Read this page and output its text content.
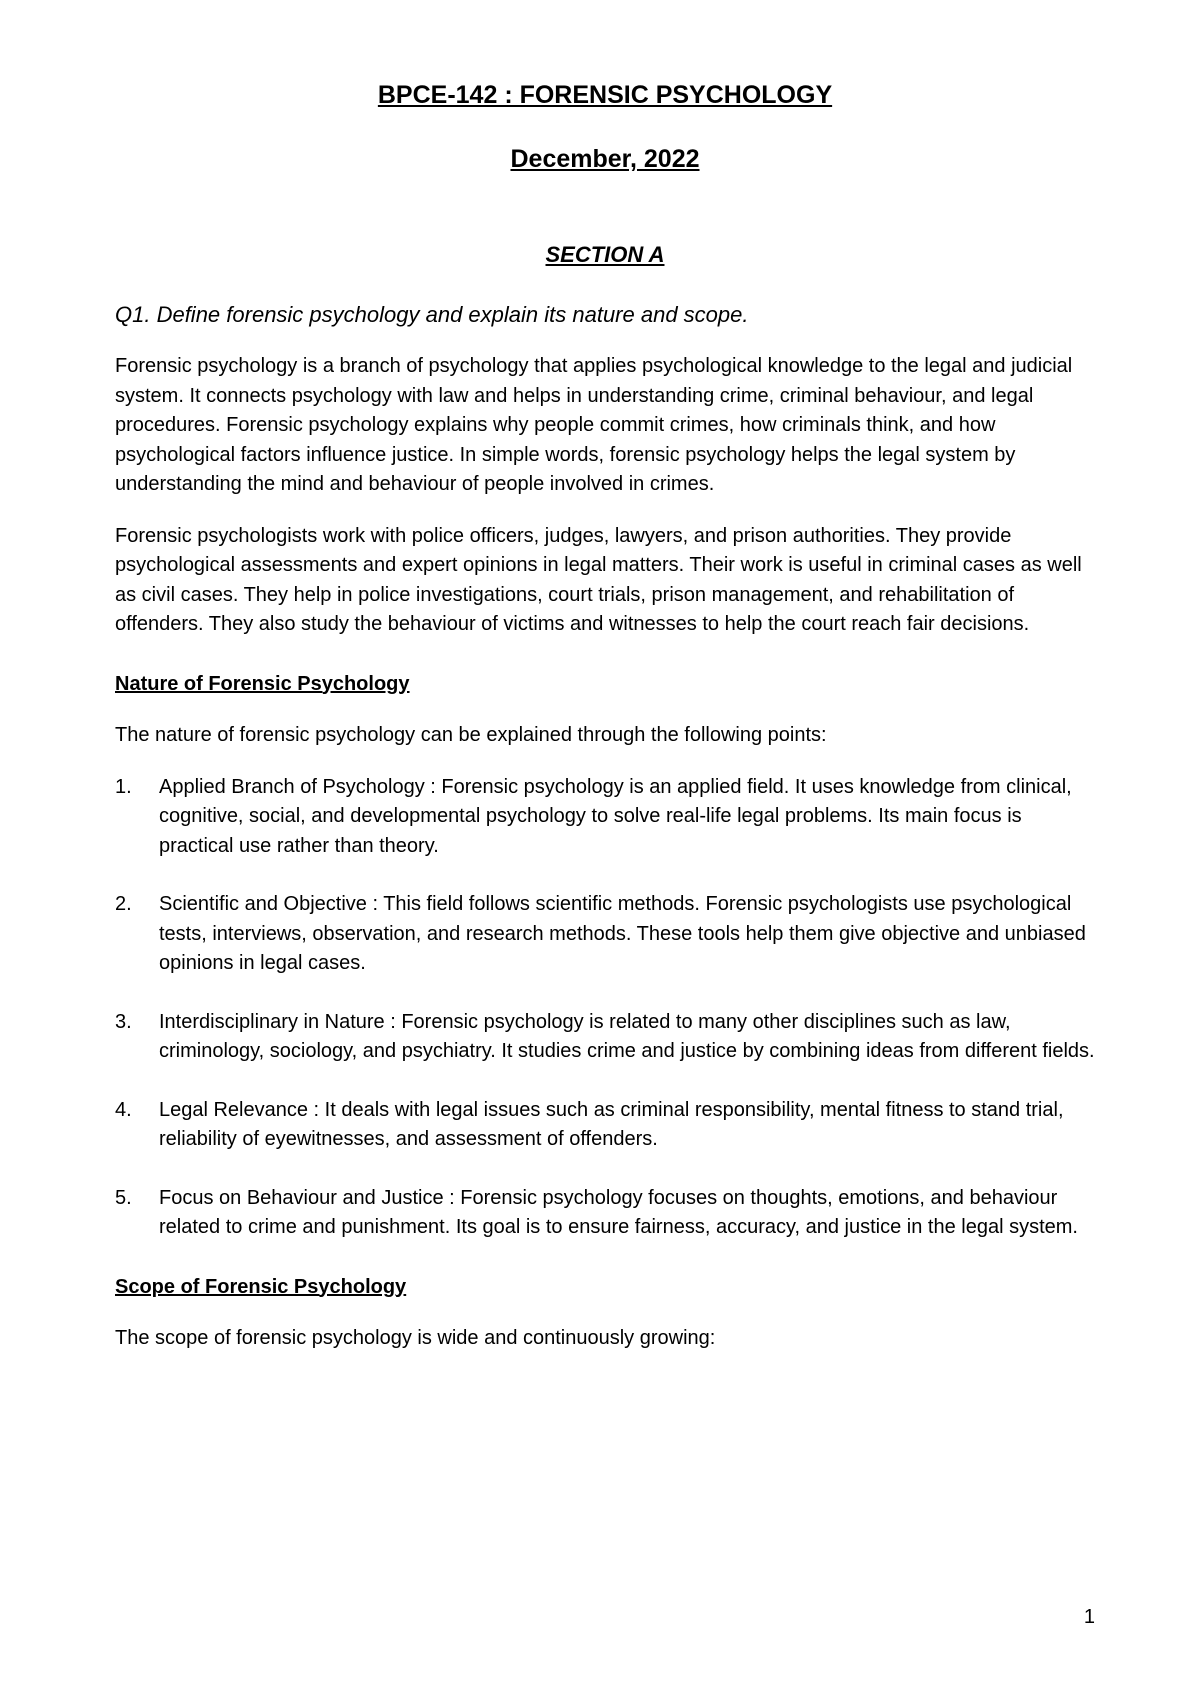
BPCE-142 : FORENSIC PSYCHOLOGY
December, 2022
SECTION A

Q1. Define forensic psychology and explain its nature and scope.

Forensic psychology is a branch of psychology that applies psychological knowledge to the legal and judicial system. It connects psychology with law and helps in understanding crime, criminal behaviour, and legal procedures. Forensic psychology explains why people commit crimes, how criminals think, and how psychological factors influence justice. In simple words, forensic psychology helps the legal system by understanding the mind and behaviour of people involved in crimes.

Forensic psychologists work with police officers, judges, lawyers, and prison authorities. They provide psychological assessments and expert opinions in legal matters. Their work is useful in criminal cases as well as civil cases. They help in police investigations, court trials, prison management, and rehabilitation of offenders. They also study the behaviour of victims and witnesses to help the court reach fair decisions.

Nature of Forensic Psychology

The nature of forensic psychology can be explained through the following points:

1. Applied Branch of Psychology : Forensic psychology is an applied field. It uses knowledge from clinical, cognitive, social, and developmental psychology to solve real-life legal problems. Its main focus is practical use rather than theory.
2. Scientific and Objective : This field follows scientific methods. Forensic psychologists use psychological tests, interviews, observation, and research methods. These tools help them give objective and unbiased opinions in legal cases.
3. Interdisciplinary in Nature : Forensic psychology is related to many other disciplines such as law, criminology, sociology, and psychiatry. It studies crime and justice by combining ideas from different fields.
4. Legal Relevance : It deals with legal issues such as criminal responsibility, mental fitness to stand trial, reliability of eyewitnesses, and assessment of offenders.
5. Focus on Behaviour and Justice : Forensic psychology focuses on thoughts, emotions, and behaviour related to crime and punishment. Its goal is to ensure fairness, accuracy, and justice in the legal system.

Scope of Forensic Psychology

The scope of forensic psychology is wide and continuously growing:

1
